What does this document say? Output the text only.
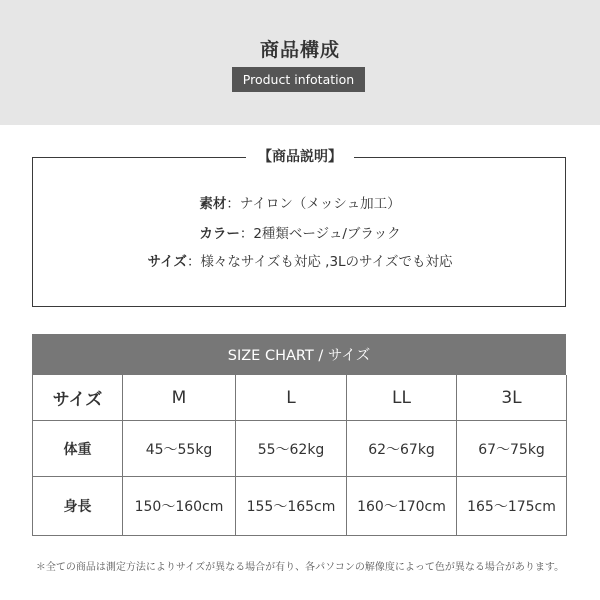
商品構成
Product infotation
【商品説明】
素材：ナイロン（メッシュ加工）
カラー：2種類ベージュ/ブラック
サイズ：様々なサイズも対応 ,3Lのサイズでも対応
SIZE CHART / サイズ
サイズ	M	L	LL	3L
体重	45～55kg	55～62kg	62～67kg	67～75kg
身長	150～160cm	155～165cm	160～170cm	165～175cm
＊全ての商品は測定方法によりサイズが異なる場合が有り、各パソコンの解像度によって色が異なる場合があります。
